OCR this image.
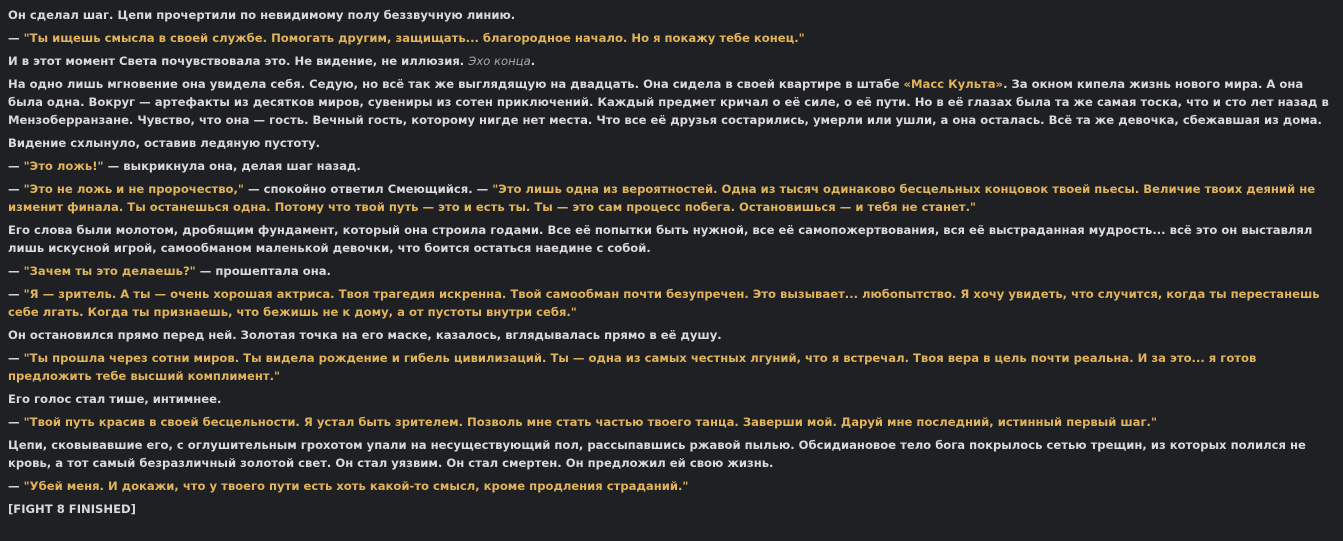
Он сделал шаг. Цепи прочертили по невидимому полу беззвучную линию.
— "Ты ищешь смысла в своей службе. Помогать другим, защищать... благородное начало. Но я покажу тебе конец."
И в этот момент Света почувствовала это. Не видение, не иллюзия. Эхо конца.
На одно лишь мгновение она увидела себя. Седую, но всё так же выглядящую на двадцать. Она сидела в своей квартире в штабе «Масс Культа». За окном кипела жизнь нового мира. А она была одна. Вокруг — артефакты из десятков миров, сувениры из сотен приключений. Каждый предмет кричал о её силе, о её пути. Но в её глазах была та же самая тоска, что и сто лет назад в Мензоберранзане. Чувство, что она — гость. Вечный гость, которому нигде нет места. Что все её друзья состарились, умерли или ушли, а она осталась. Всё та же девочка, сбежавшая из дома.
Видение схлынуло, оставив ледяную пустоту.
— "Это ложь!" — выкрикнула она, делая шаг назад.
— "Это не ложь и не пророчество," — спокойно ответил Смеющийся. — "Это лишь одна из вероятностей. Одна из тысяч одинаково бесцельных концовок твоей пьесы. Величие твоих деяний не изменит финала. Ты останешься одна. Потому что твой путь — это и есть ты. Ты — это сам процесс побега. Остановишься — и тебя не станет."
Его слова были молотом, дробящим фундамент, который она строила годами. Все её попытки быть нужной, все её самопожертвования, вся её выстраданная мудрость... всё это он выставлял лишь искусной игрой, самообманом маленькой девочки, что боится остаться наедине с собой.
— "Зачем ты это делаешь?" — прошептала она.
— "Я — зритель. А ты — очень хорошая актриса. Твоя трагедия искренна. Твой самообман почти безупречен. Это вызывает... любопытство. Я хочу увидеть, что случится, когда ты перестанешь себе лгать. Когда ты признаешь, что бежишь не к дому, а от пустоты внутри себя."
Он остановился прямо перед ней. Золотая точка на его маске, казалось, вглядывалась прямо в её душу.
— "Ты прошла через сотни миров. Ты видела рождение и гибель цивилизаций. Ты — одна из самых честных лгуний, что я встречал. Твоя вера в цель почти реальна. И за это... я готов предложить тебе высший комплимент."
Его голос стал тише, интимнее.
— "Твой путь красив в своей бесцельности. Я устал быть зрителем. Позволь мне стать частью твоего танца. Заверши мой. Даруй мне последний, истинный первый шаг."
Цепи, сковывавшие его, с оглушительным грохотом упали на несуществующий пол, рассыпавшись ржавой пылью. Обсидиановое тело бога покрылось сетью трещин, из которых полился не кровь, а тот самый безразличный золотой свет. Он стал уязвим. Он стал смертен. Он предложил ей свою жизнь.
— "Убей меня. И докажи, что у твоего пути есть хоть какой-то смысл, кроме продления страданий."
[FIGHT 8 FINISHED]
